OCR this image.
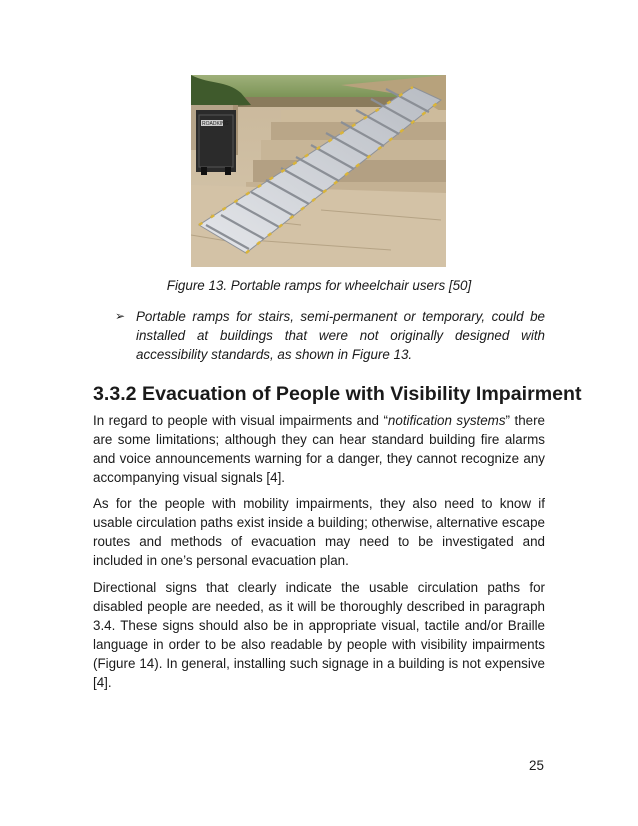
ROADKING
Figure 13. Portable ramps for wheelchair users [50]
➢ Portable ramps for stairs, semi-permanent or temporary, could be installed at buildings that were not originally designed with accessibility standards, as shown in Figure 13.
3.3.2 Evacuation of People with Visibility Impairment

In regard to people with visual impairments and “notification systems” there are some limitations; although they can hear standard building fire alarms and voice announcements warning for a danger, they cannot recognize any accompanying visual signals [4].

As for the people with mobility impairments, they also need to know if usable circulation paths exist inside a building; otherwise, alternative escape routes and methods of evacuation may need to be investigated and included in one’s personal evacuation plan.

Directional signs that clearly indicate the usable circulation paths for disabled people are needed, as it will be thoroughly described in paragraph 3.4. These signs should also be in appropriate visual, tactile and/or Braille language in order to be also readable by people with visibility impairments (Figure 14). In general, installing such signage in a building is not expensive [4].

25
